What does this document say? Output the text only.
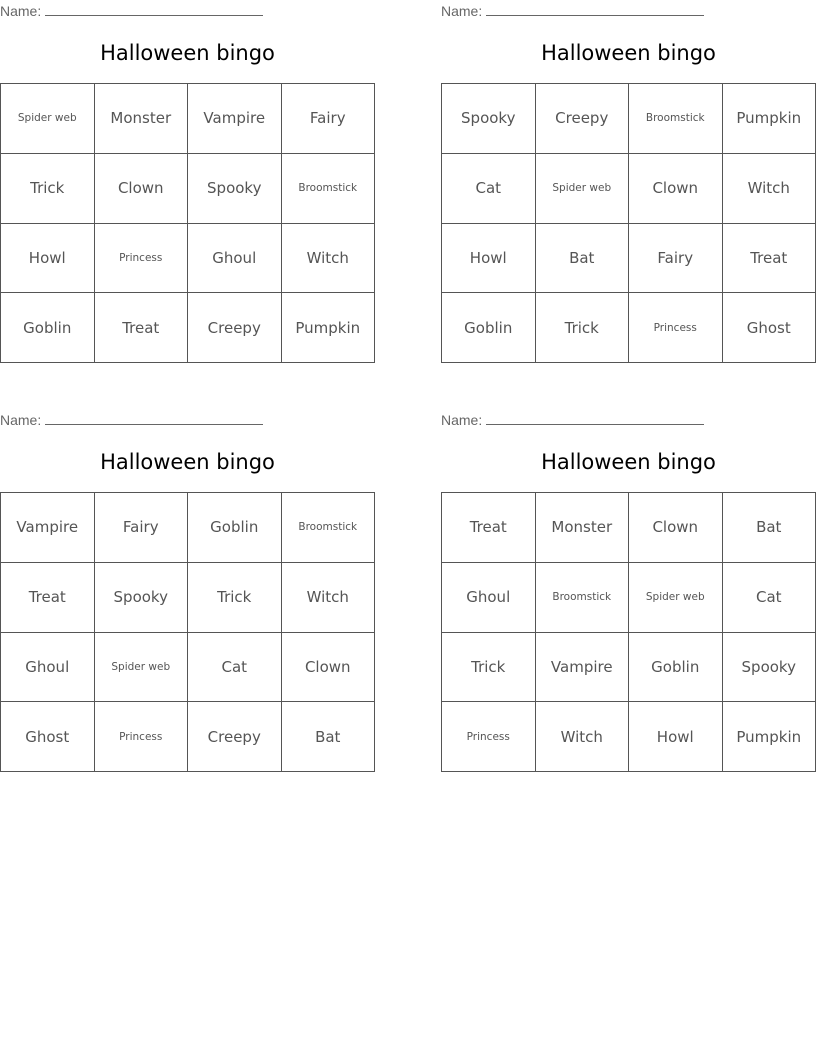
Name:
Halloween bingo
Spider web	Monster	Vampire	Fairy
Trick	Clown	Spooky	Broomstick
Howl	Princess	Ghoul	Witch
Goblin	Treat	Creepy	Pumpkin
Name:
Halloween bingo
Spooky	Creepy	Broomstick	Pumpkin
Cat	Spider web	Clown	Witch
Howl	Bat	Fairy	Treat
Goblin	Trick	Princess	Ghost
Name:
Halloween bingo
Vampire	Fairy	Goblin	Broomstick
Treat	Spooky	Trick	Witch
Ghoul	Spider web	Cat	Clown
Ghost	Princess	Creepy	Bat
Name:
Halloween bingo
Treat	Monster	Clown	Bat
Ghoul	Broomstick	Spider web	Cat
Trick	Vampire	Goblin	Spooky
Princess	Witch	Howl	Pumpkin
